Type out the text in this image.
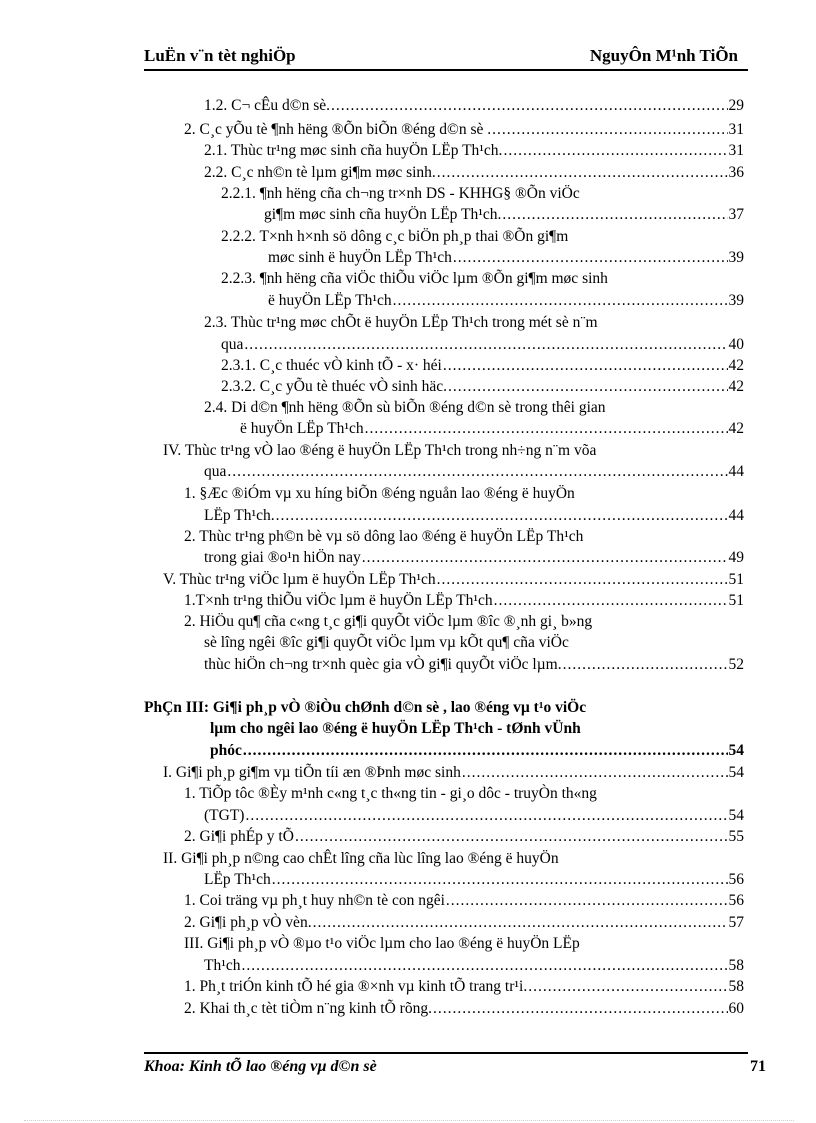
LuËn v¨n tèt nghiÖp	NguyÔn M¹nh TiÕn
1.2. C¬ cÊu d©n sè. .....	29
2. C¸c yÕu tè ¶nh hëng ®Õn biÕn ®éng d©n sè . .....	31
2.1. Thùc tr¹ng møc sinh cña huyÖn LËp Th¹ch. .....	31
2.2. C¸c nh©n tè lµm gi¶m møc sinh. .....	36
2.2.1. ¶nh hëng cña ch¬ng tr×nh DS - KHHG§ ®Õn viÖc
gi¶m møc sinh cña huyÖn LËp Th¹ch. .....	37
2.2.2. T×nh h×nh sö dông c¸c biÖn ph¸p thai ®Õn gi¶m
møc sinh ë huyÖn LËp Th¹ch .....	39
2.2.3. ¶nh hëng cña viÖc thiÕu viÖc lµm ®Õn gi¶m møc sinh
ë huyÖn LËp Th¹ch .....	39
2.3. Thùc tr¹ng møc chÕt ë huyÖn LËp Th¹ch trong mét sè n¨m
qua .....	40
2.3.1. C¸c thuéc vÒ kinh tÕ - x· héi .....	42
2.3.2. C¸c yÕu tè thuéc vÒ sinh häc. .....	42
2.4. Di d©n ¶nh hëng ®Õn sù biÕn ®éng d©n sè trong thêi gian
ë huyÖn LËp Th¹ch .....	42
IV. Thùc tr¹ng vÒ lao ®éng ë huyÖn LËp Th¹ch trong nh÷ng n¨m võa
qua .....	44
1. §Æc ®iÓm vµ xu híng biÕn ®éng nguån lao ®éng ë huyÖn
LËp Th¹ch. .....	44
2. Thùc tr¹ng ph©n bè vµ sö dông lao ®éng ë huyÖn LËp Th¹ch
trong giai ®o¹n hiÖn nay .....	49
V. Thùc tr¹ng viÖc lµm ë huyÖn LËp Th¹ch .....	51
1.T×nh tr¹ng thiÕu viÖc lµm ë huyÖn LËp Th¹ch .....	51
2. HiÖu qu¶ cña c«ng t¸c gi¶i quyÕt viÖc lµm ®îc ®¸nh gi¸ b»ng
sè lîng ngêi ®îc gi¶i quyÕt viÖc lµm vµ kÕt qu¶ cña viÖc
thùc hiÖn ch¬ng tr×nh quèc gia vÒ gi¶i quyÕt viÖc lµm. .....	52
PhÇn III: Gi¶i ph¸p vÒ ®iÒu chØnh d©n sè , lao ®éng vµ t¹o viÖc
lµm cho ngêi lao ®éng ë huyÖn LËp Th¹ch - tØnh vÜnh
phóc .....	54
I. Gi¶i ph¸p gi¶m vµ tiÕn tíi æn ®Þnh møc sinh .....	54
1. TiÕp tôc ®Èy m¹nh c«ng t¸c th«ng tin - gi¸o dôc - truyÒn th«ng
(TGT) .....	54
2. Gi¶i phÉp y tÕ .....	55
II. Gi¶i ph¸p n©ng cao chÊt lîng cña lùc lîng lao ®éng ë huyÖn
LËp Th¹ch .....	56
1. Coi träng vµ ph¸t huy nh©n tè con ngêi .....	56
2. Gi¶i ph¸p vÒ vèn. .....	57
III. Gi¶i ph¸p vÒ ®µo t¹o viÖc lµm cho lao ®éng ë huyÖn LËp
Th¹ch .....	58
1. Ph¸t triÓn kinh tÕ hé gia ®×nh vµ kinh tÕ trang tr¹i. .....	58
2. Khai th¸c tèt tiÒm n¨ng kinh tÕ rõng. .....	60
Khoa: Kinh tÕ lao ®éng vµ d©n sè	71
